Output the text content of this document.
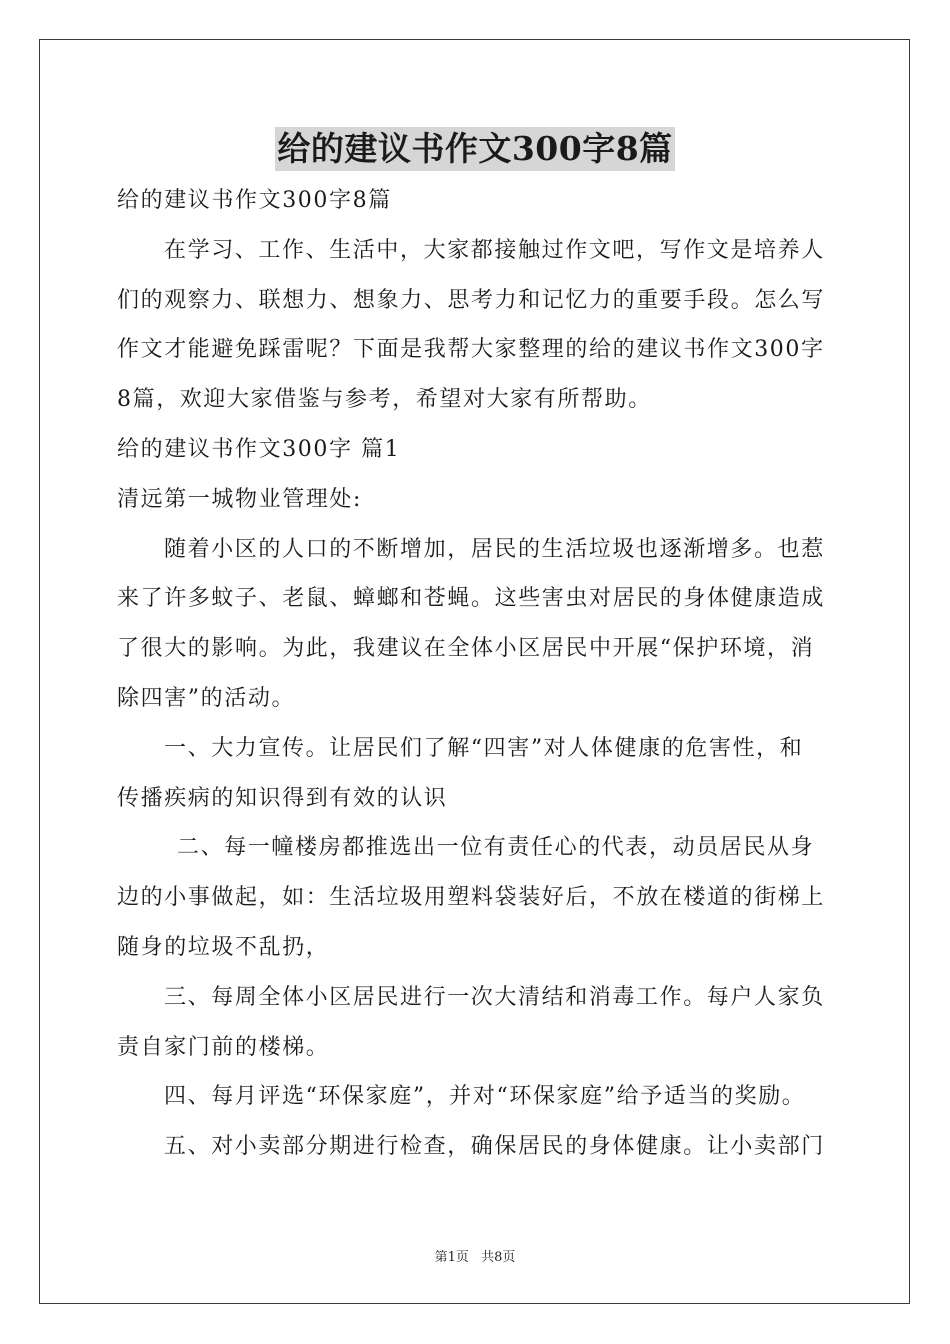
给的建议书作文300字8篇
给的建议书作文300字8篇
在学习、工作、生活中，大家都接触过作文吧，写作文是培养人
们的观察力、联想力、想象力、思考力和记忆力的重要手段。怎么写
作文才能避免踩雷呢？下面是我帮大家整理的给的建议书作文300字
8篇，欢迎大家借鉴与参考，希望对大家有所帮助。
给的建议书作文300字 篇1
清远第一城物业管理处:
随着小区的人口的不断增加，居民的生活垃圾也逐渐增多。也惹
来了许多蚊子、老鼠、蟑螂和苍蝇。这些害虫对居民的身体健康造成
了很大的影响。为此，我建议在全体小区居民中开展“保护环境，消
除四害”的活动。
一、大力宣传。让居民们了解“四害”对人体健康的危害性，和
传播疾病的知识得到有效的认识
二、每一幢楼房都推选出一位有责任心的代表，动员居民从身
边的小事做起，如：生活垃圾用塑料袋装好后，不放在楼道的街梯上
随身的垃圾不乱扔，
三、每周全体小区居民进行一次大清结和消毒工作。每户人家负
责自家门前的楼梯。
四、每月评选“环保家庭”，并对“环保家庭”给予适当的奖励。
五、对小卖部分期进行检查，确保居民的身体健康。让小卖部门
第1页 共8页
